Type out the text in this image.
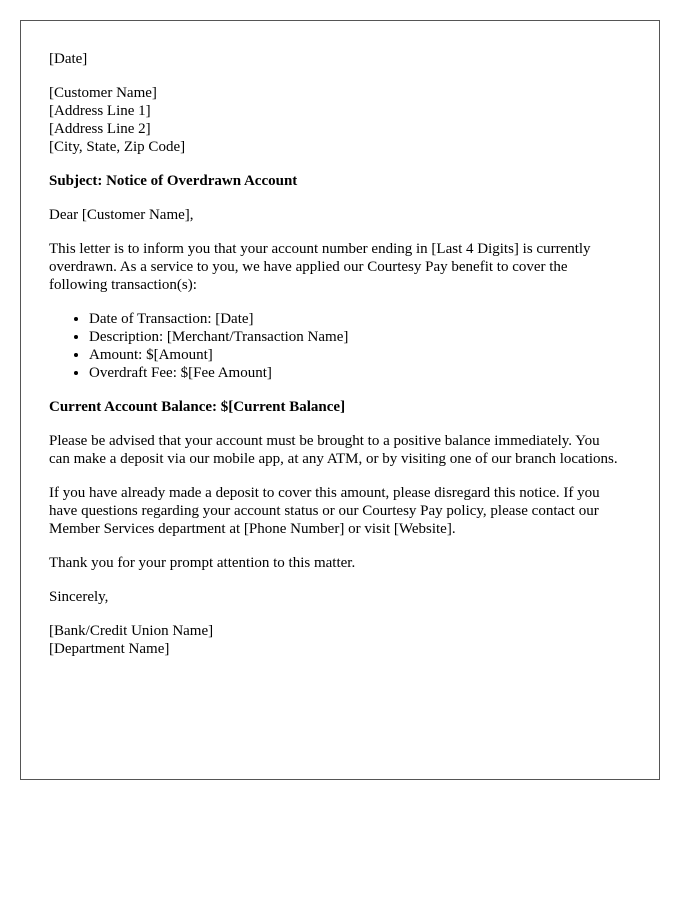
[Date]
[Customer Name]
[Address Line 1]
[Address Line 2]
[City, State, Zip Code]
Subject: Notice of Overdrawn Account
Dear [Customer Name],
This letter is to inform you that your account number ending in [Last 4 Digits] is currently overdrawn. As a service to you, we have applied our Courtesy Pay benefit to cover the following transaction(s):
• Date of Transaction: [Date]
• Description: [Merchant/Transaction Name]
• Amount: $[Amount]
• Overdraft Fee: $[Fee Amount]
Current Account Balance: $[Current Balance]
Please be advised that your account must be brought to a positive balance immediately. You can make a deposit via our mobile app, at any ATM, or by visiting one of our branch locations.
If you have already made a deposit to cover this amount, please disregard this notice. If you have questions regarding your account status or our Courtesy Pay policy, please contact our Member Services department at [Phone Number] or visit [Website].
Thank you for your prompt attention to this matter.
Sincerely,
[Bank/Credit Union Name]
[Department Name]
